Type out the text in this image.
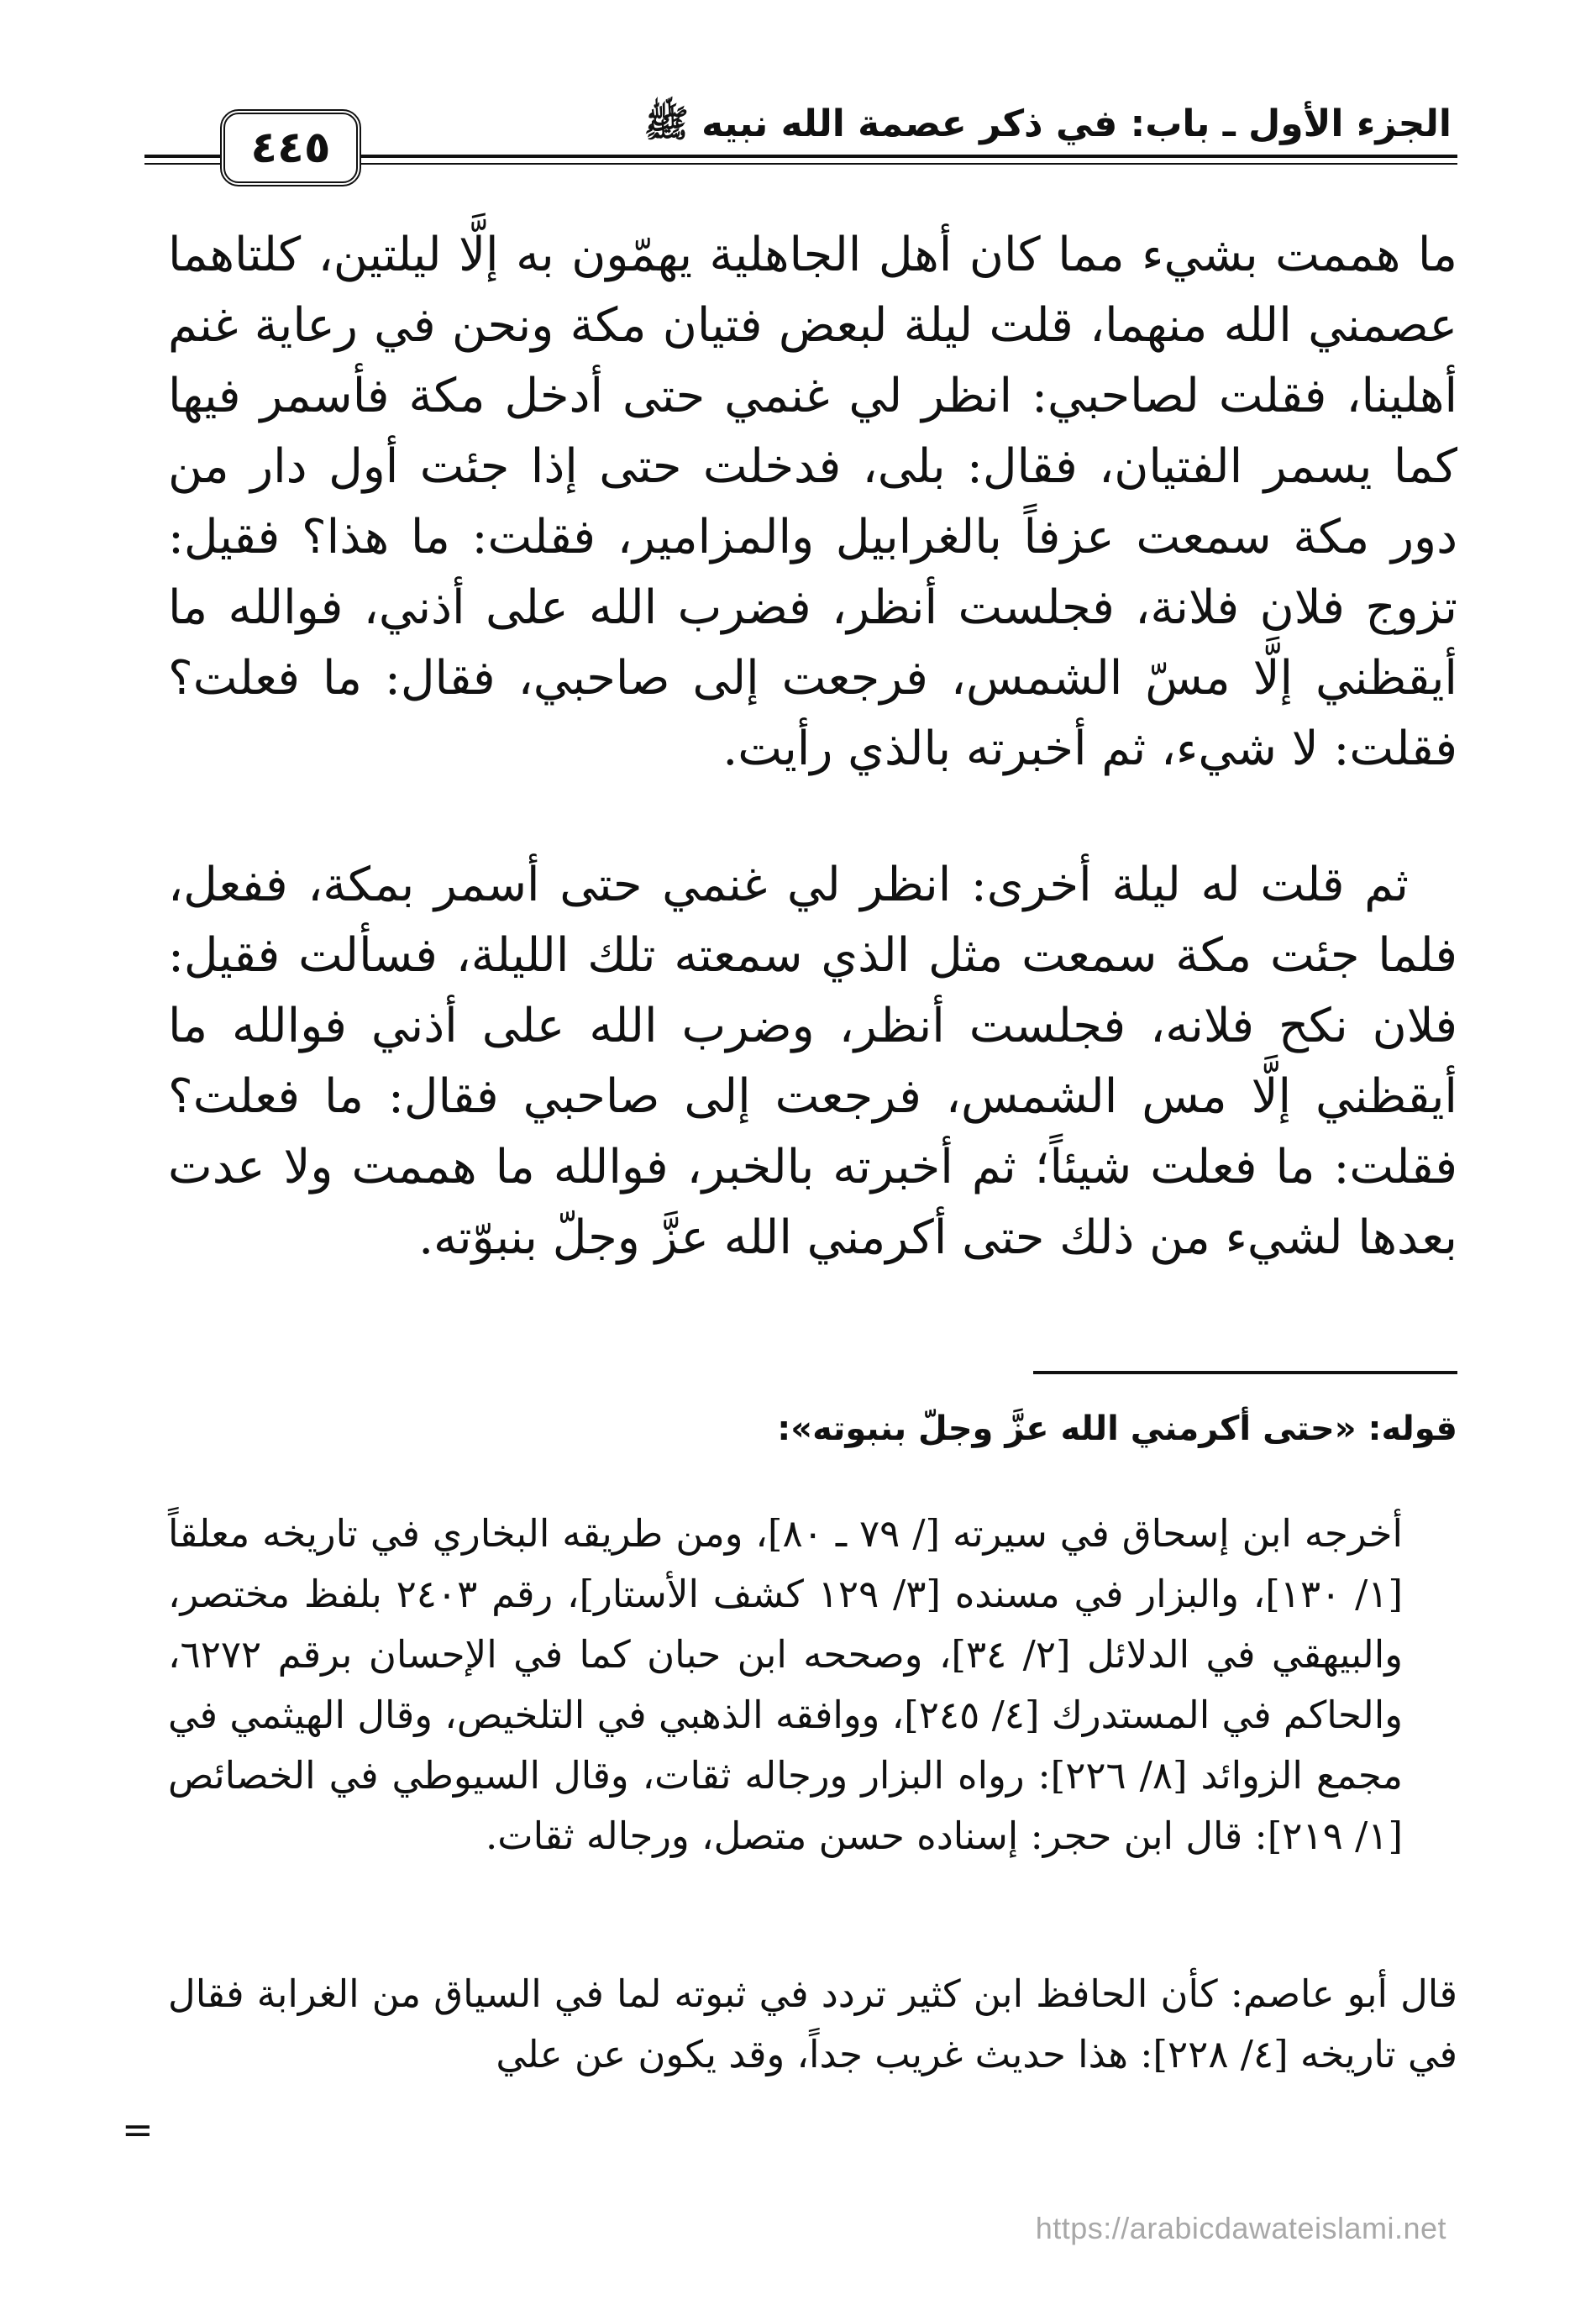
الجزء الأول ـ باب: في ذكر عصمة الله نبيه ﷺ
٤٤٥
ما هممت بشيء مما كان أهل الجاهلية يهمّون به إلَّا ليلتين، كلتاهما عصمني الله منهما، قلت ليلة لبعض فتيان مكة ونحن في رعاية غنم أهلينا، فقلت لصاحبي: انظر لي غنمي حتى أدخل مكة فأسمر فيها كما يسمر الفتيان، فقال: بلى، فدخلت حتى إذا جئت أول دار من دور مكة سمعت عزفاً بالغرابيل والمزامير، فقلت: ما هذا؟ فقيل: تزوج فلان فلانة، فجلست أنظر، فضرب الله على أذني، فوالله ما أيقظني إلَّا مسّ الشمس، فرجعت إلى صاحبي، فقال: ما فعلت؟ فقلت: لا شيء، ثم أخبرته بالذي رأيت.
ثم قلت له ليلة أخرى: انظر لي غنمي حتى أسمر بمكة، ففعل، فلما جئت مكة سمعت مثل الذي سمعته تلك الليلة، فسألت فقيل: فلان نكح فلانه، فجلست أنظر، وضرب الله على أذني فوالله ما أيقظني إلَّا مس الشمس، فرجعت إلى صاحبي فقال: ما فعلت؟ فقلت: ما فعلت شيئاً؛ ثم أخبرته بالخبر، فوالله ما هممت ولا عدت بعدها لشيء من ذلك حتى أكرمني الله عزَّ وجلّ بنبوّته.
قوله: «حتى أكرمني الله عزَّ وجلّ بنبوته»:
أخرجه ابن إسحاق في سيرته [/ ٧٩ ـ ٨٠]، ومن طريقه البخاري في تاريخه معلقاً [١/ ١٣٠]، والبزار في مسنده [٣/ ١٢٩ كشف الأستار]، رقم ٢٤٠٣ بلفظ مختصر، والبيهقي في الدلائل [٢/ ٣٤]، وصححه ابن حبان كما في الإحسان برقم ٦٢٧٢، والحاكم في المستدرك [٤/ ٢٤٥]، ووافقه الذهبي في التلخيص، وقال الهيثمي في مجمع الزوائد [٨/ ٢٢٦]: رواه البزار ورجاله ثقات، وقال السيوطي في الخصائص [١/ ٢١٩]: قال ابن حجر: إسناده حسن متصل، ورجاله ثقات.
قال أبو عاصم: كأن الحافظ ابن كثير تردد في ثبوته لما في السياق من الغرابة فقال في تاريخه [٤/ ٢٢٨]: هذا حديث غريب جداً، وقد يكون عن علي
=
https://arabicdawateislami.net
